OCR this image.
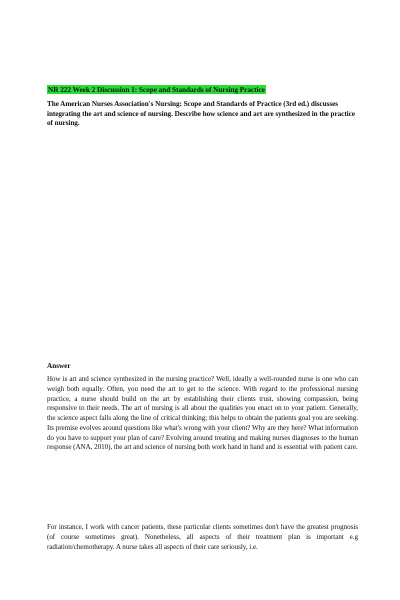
NR 222 Week 2 Discussion 1: Scope and Standards of Nursing Practice
The American Nurses Association's Nursing: Scope and Standards of Practice (3rd ed.) discusses integrating the art and science of nursing. Describe how science and art are synthesized in the practice of nursing.
Answer

How is art and science synthesized in the nursing practice? Well, ideally a well-rounded nurse is one who can weigh both equally. Often, you need the art to get to the science. With regard to the professional nursing practice, a nurse should build on the art by establishing their clients trust, showing compassion, being responsive to their needs. The art of nursing is all about the qualities you enact on to your patient. Generally, the science aspect falls along the line of critical thinking; this helps to obtain the patients goal you are seeking. Its premise evolves around questions like what's wrong with your client? Why are they here? What information do you have to support your plan of care? Evolving around treating and making nurses diagnoses to the human response (ANA, 2010), the art and science of nursing both work hand in hand and is essential with patient care.

For instance, I work with cancer patients, these particular clients sometimes don't have the greatest prognosis (of course sometimes great). Nonetheless, all aspects of their treatment plan is important e.g radiation/chemotherapy. A nurse takes all aspects of their care seriously, i.e.
